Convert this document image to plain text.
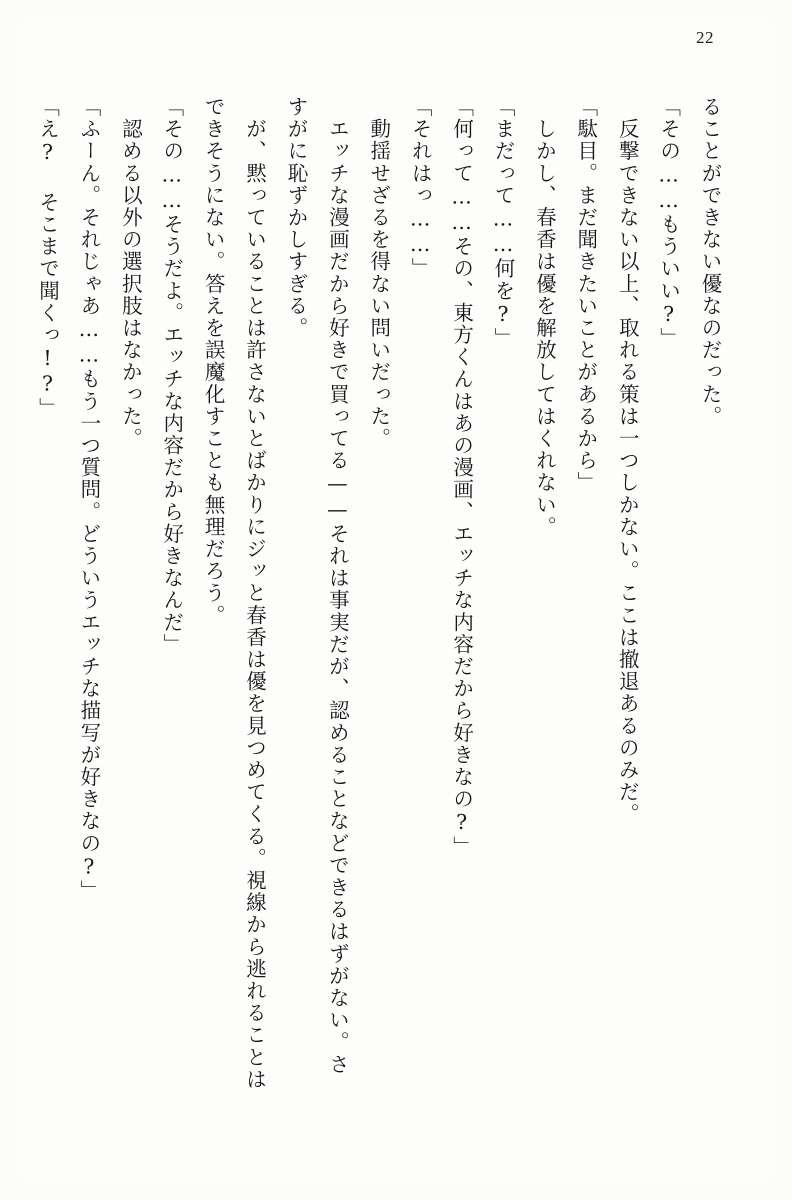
22

ることができない優なのだった。

「その……もういい?」

　反撃できない以上、取れる策は一つしかない。ここは撤退あるのみだ。

「駄目。まだ聞きたいことがあるから」

　しかし、春香は優を解放してはくれない。

「まだって……何を?」

「何って……その、東方くんはあの漫画、エッチな内容だから好きなの?」

「それはっ……」

　動揺せざるを得ない問いだった。

　エッチな漫画だから好きで買ってる——それは事実だが、認めることなどできるはずがない。さすがに恥ずかしすぎる。

　が、黙っていることは許さないとばかりにジッと春香は優を見つめてくる。視線から逃れることはできそうにない。答えを誤魔化すことも無理だろう。

「その……そうだよ。エッチな内容だから好きなんだ」

　認める以外の選択肢はなかった。

「ふーん。それじゃあ……もう一つ質問。どういうエッチな描写が好きなの?」

「え? そこまで聞くっ!?」
